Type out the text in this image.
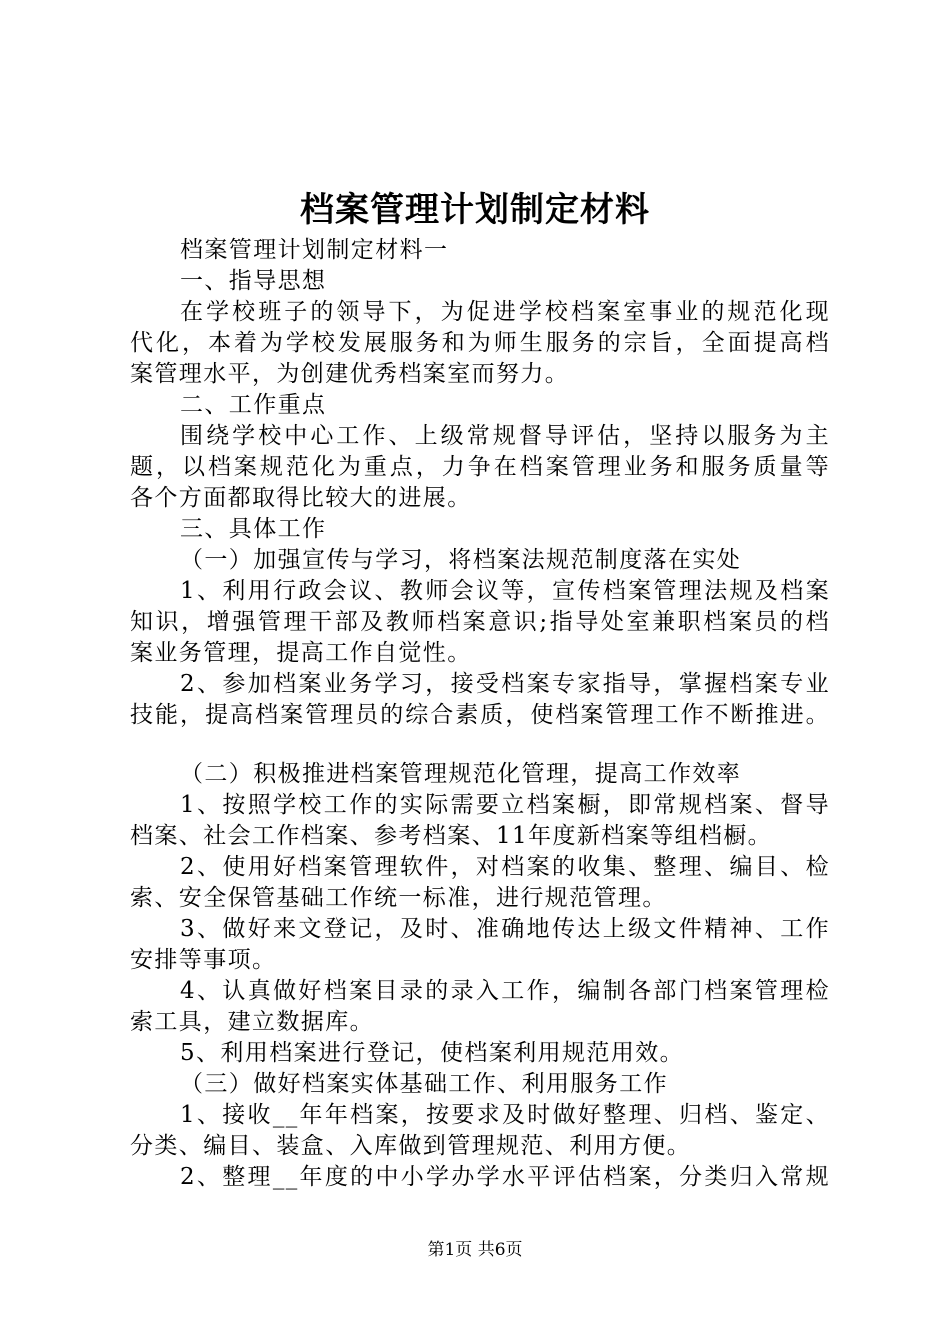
档案管理计划制定材料
档案管理计划制定材料一
一、指导思想
在学校班子的领导下，为促进学校档案室事业的规范化现
代化，本着为学校发展服务和为师生服务的宗旨，全面提高档
案管理水平，为创建优秀档案室而努力。
二、工作重点
围绕学校中心工作、上级常规督导评估，坚持以服务为主
题，以档案规范化为重点，力争在档案管理业务和服务质量等
各个方面都取得比较大的进展。
三、具体工作
（一）加强宣传与学习，将档案法规范制度落在实处
1、利用行政会议、教师会议等，宣传档案管理法规及档案
知识，增强管理干部及教师档案意识;指导处室兼职档案员的档
案业务管理，提高工作自觉性。
2、参加档案业务学习，接受档案专家指导，掌握档案专业
技能，提高档案管理员的综合素质，使档案管理工作不断推进。
（二）积极推进档案管理规范化管理，提高工作效率
1、按照学校工作的实际需要立档案橱，即常规档案、督导
档案、社会工作档案、参考档案、11年度新档案等组档橱。
2、使用好档案管理软件，对档案的收集、整理、编目、检
索、安全保管基础工作统一标准，进行规范管理。
3、做好来文登记，及时、准确地传达上级文件精神、工作
安排等事项。
4、认真做好档案目录的录入工作，编制各部门档案管理检
索工具，建立数据库。
5、利用档案进行登记，使档案利用规范用效。
（三）做好档案实体基础工作、利用服务工作
1、接收__年年档案，按要求及时做好整理、归档、鉴定、
分类、编目、装盒、入库做到管理规范、利用方便。
2、整理__年度的中小学办学水平评估档案，分类归入常规
第1页 共6页
